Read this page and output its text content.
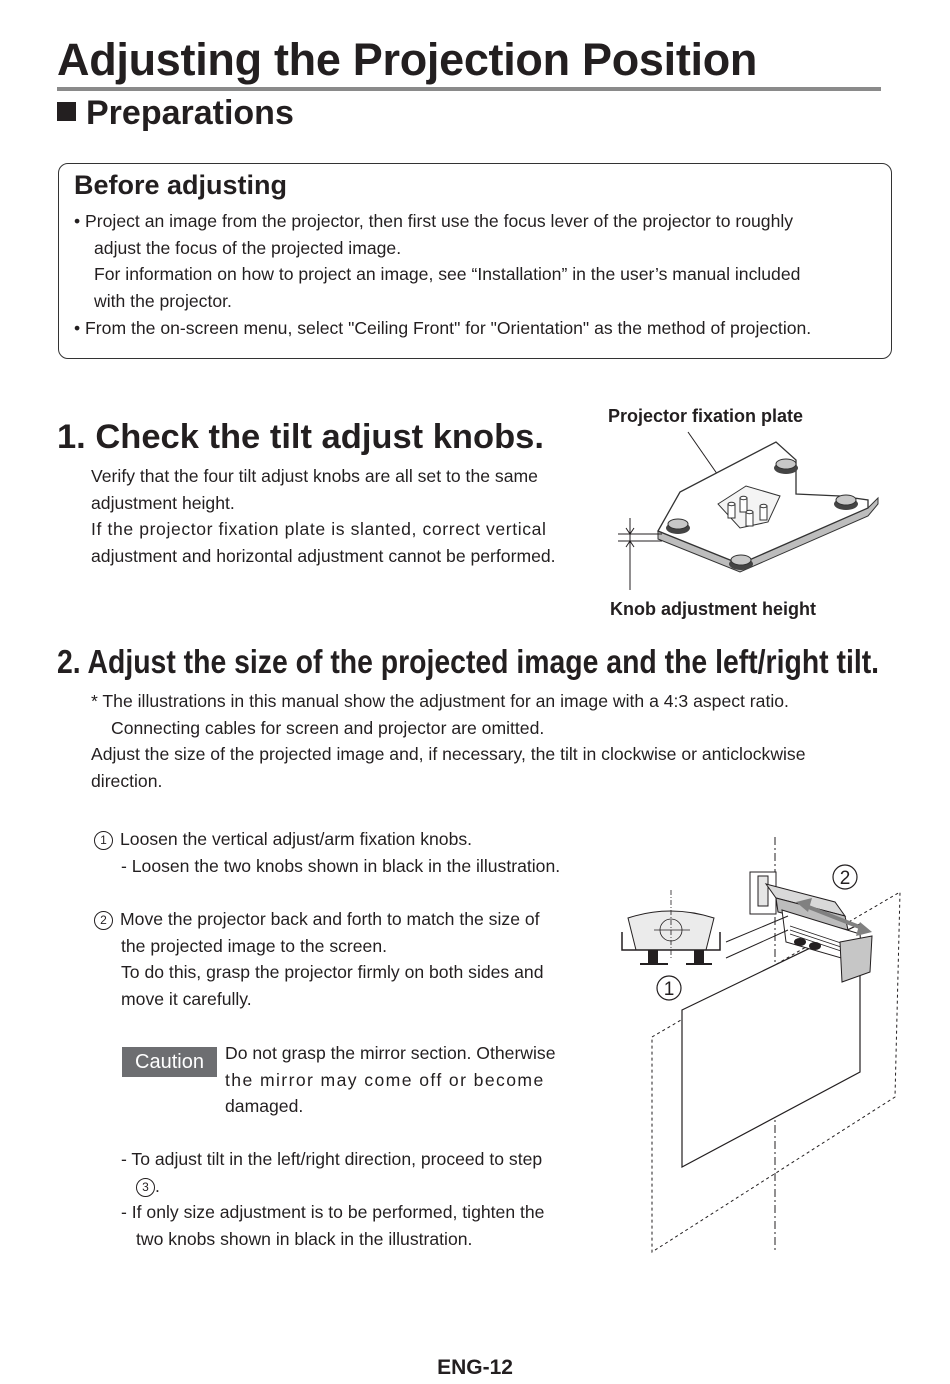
Adjusting the Projection Position
Preparations
Before adjusting
• Project an image from the projector, then first use the focus lever of the projector to roughly
adjust the focus of the projected image.
For information on how to project an image, see “Installation” in the user’s manual included
with the projector.
• From the on-screen menu, select "Ceiling Front" for "Orientation" as the method of projection.
1. Check the tilt adjust knobs.
Verify that the four tilt adjust knobs are all set to the same
adjustment height.
If the projector fixation plate is slanted, correct vertical
adjustment and horizontal adjustment cannot be performed.
Projector fixation plate
Knob adjustment height
2. Adjust the size of the projected image and the left/right tilt.
* The illustrations in this manual show the adjustment for an image with a 4:3 aspect ratio.
Connecting cables for screen and projector are omitted.
Adjust the size of the projected image and, if necessary, the tilt in clockwise or anticlockwise
direction.
1 Loosen the vertical adjust/arm fixation knobs.
- Loosen the two knobs shown in black in the illustration.
2 Move the projector back and forth to match the size of
the projected image to the screen.
To do this, grasp the projector firmly on both sides and
move it carefully.
Caution	Do not grasp the mirror section. Otherwise
the mirror may come off or become
damaged.
- To adjust tilt in the left/right direction, proceed to step
3 .
- If only size adjustment is to be performed, tighten the
two knobs shown in black in the illustration.
2
1
ENG-12
